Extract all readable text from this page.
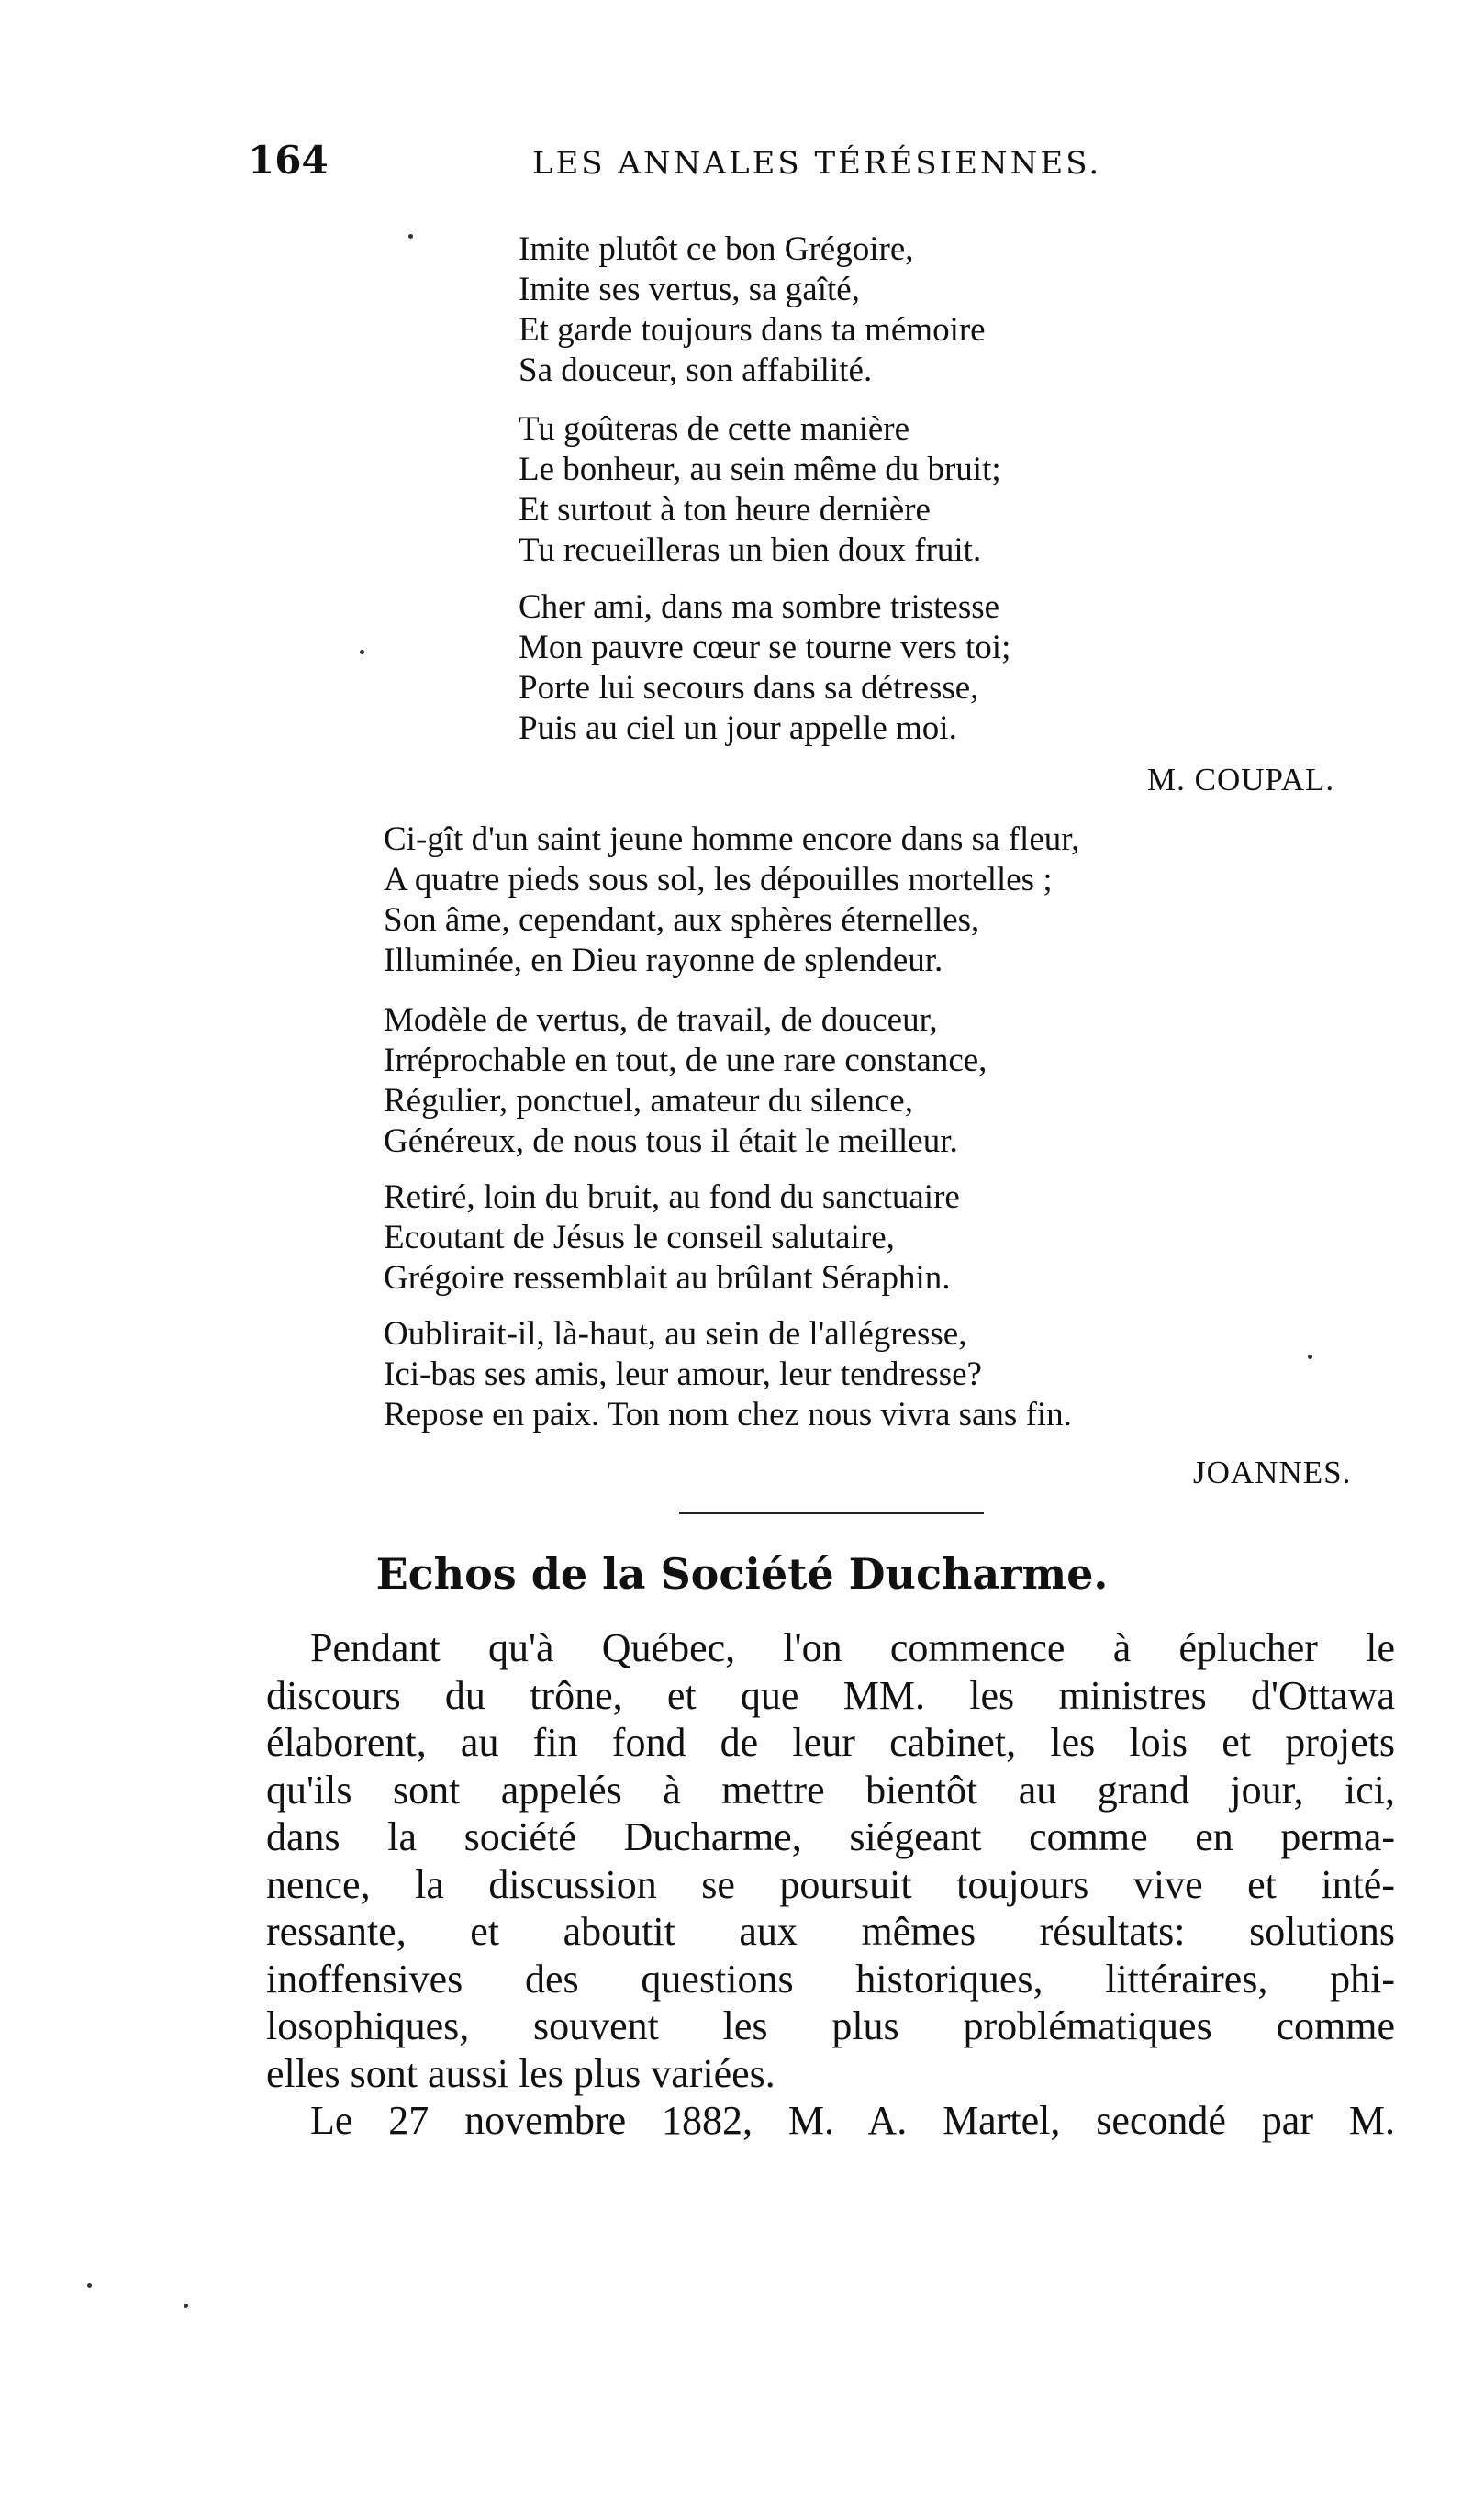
164	LES ANNALES TÉRÉSIENNES.
Imite plutôt ce bon Grégoire,
Imite ses vertus, sa gaîté,
Et garde toujours dans ta mémoire
Sa douceur, son affabilité.
Tu goûteras de cette manière
Le bonheur, au sein même du bruit;
Et surtout à ton heure dernière
Tu recueilleras un bien doux fruit.
Cher ami, dans ma sombre tristesse
Mon pauvre cœur se tourne vers toi;
Porte lui secours dans sa détresse,
Puis au ciel un jour appelle moi.
M. COUPAL.
Ci-gît d'un saint jeune homme encore dans sa fleur,
A quatre pieds sous sol, les dépouilles mortelles ;
Son âme, cependant, aux sphères éternelles,
Illuminée, en Dieu rayonne de splendeur.
Modèle de vertus, de travail, de douceur,
Irréprochable en tout, de une rare constance,
Régulier, ponctuel, amateur du silence,
Généreux, de nous tous il était le meilleur.
Retiré, loin du bruit, au fond du sanctuaire
Ecoutant de Jésus le conseil salutaire,
Grégoire ressemblait au brûlant Séraphin.
Oublirait-il, là-haut, au sein de l'allégresse,
Ici-bas ses amis, leur amour, leur tendresse?
Repose en paix. Ton nom chez nous vivra sans fin.
JOANNES.
Echos de la Société Ducharme.
Pendant qu'à Québec, l'on commence à éplucher le
discours du trône, et que MM. les ministres d'Ottawa
élaborent, au fin fond de leur cabinet, les lois et projets
qu'ils sont appelés à mettre bientôt au grand jour, ici,
dans la société Ducharme, siégeant comme en perma-
nence, la discussion se poursuit toujours vive et inté-
ressante, et aboutit aux mêmes résultats: solutions
inoffensives des questions historiques, littéraires, phi-
losophiques, souvent les plus problématiques comme
elles sont aussi les plus variées.
Le 27 novembre 1882, M. A. Martel, secondé par M.
